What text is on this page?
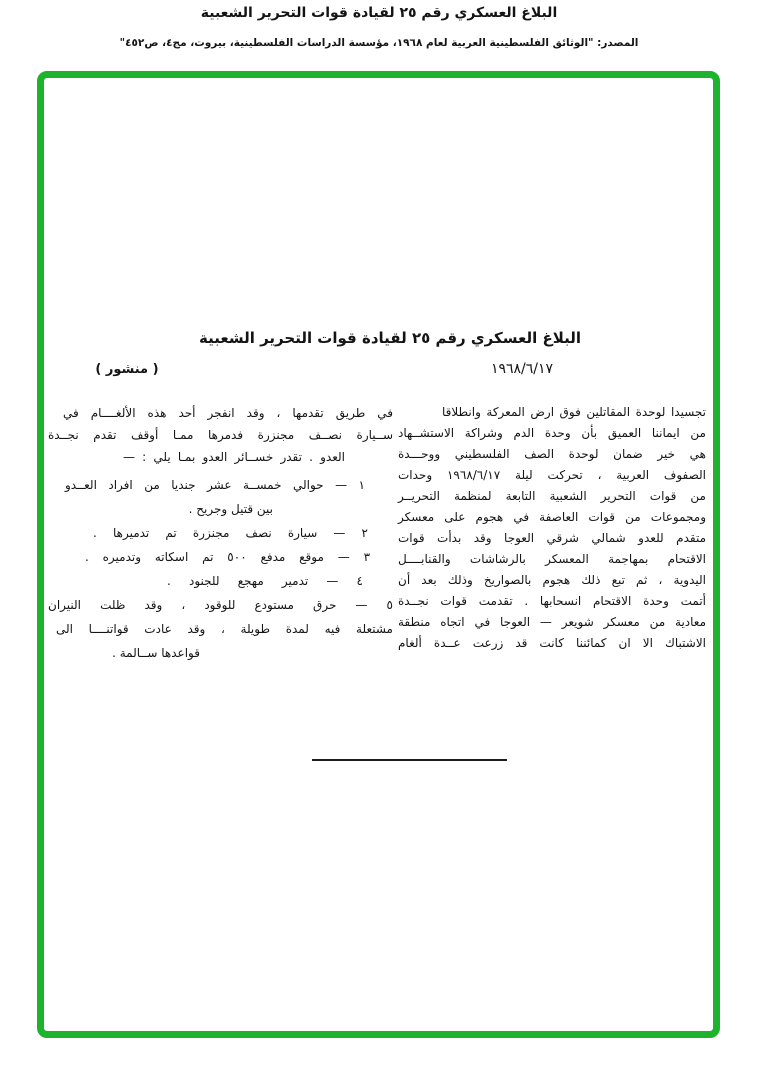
البلاغ العسكري رقم ٢٥ لقيادة قوات التحرير الشعبية
المصدر: "الوثائق الفلسطينية العربية لعام ١٩٦٨، مؤسسة الدراسات الفلسطينية، بيروت، مج٤، ص٤٥٢"
البلاغ العسكري رقم ٢٥ لقيادة قوات التحرير الشعبية
١٩٦٨/٦/١٧
( منشور )
تجسيدا لوحدة المقاتلين فوق ارض المعركة وانطلاقا
من ايماننا العميق بأن وحدة الدم وشراكة الاستشــهاد
هي خير ضمان لوحدة الصف الفلسطيني ووحـــدة
الصفوف العربية ، تحركت ليلة ١٩٦٨/٦/١٧ وحدات
من قوات التحرير الشعبية التابعة لمنظمة التحريــر
ومجموعات من قوات العاصفة في هجوم على معسكر
متقدم للعدو شمالي شرقي العوجا وقد بدأت قوات
الاقتحام بمهاجمة المعسكر بالرشاشات والقنابــــل
اليدوية ، ثم تبع ذلك هجوم بالصواريخ وذلك بعد أن
أتمت وحدة الاقتحام انسحابها . تقدمت قوات نجــدة
معادية من معسكر شويعر — العوجا في اتجاه منطقة
الاشتباك الا ان كمائننا كانت قد زرعت عــدة ألغام
في طريق تقدمها ، وقد انفجر أحد هذه الألغــــام في
ســيارة نصــف مجنزرة فدمرها ممـا أوقف تقدم نجــدة
العدو . تقدر خســائر العدو بمـا يلي : —
١ — حوالي خمســة عشر جنديا من افراد العــدو
بين قتيل وجريح .
٢ — سيارة نصف مجنزرة تم تدميرها .
٣ — موقع مدفع ٥٠٠ تم اسكاته وتدميره .
٤ — تدمير مهجع للجنود .
٥ — حرق مستودع للوقود ، وقد ظلت النيران
مشتعلة فيه لمدة طويلة ، وقد عادت قواتنــــا الى
قواعدها ســالمة .
